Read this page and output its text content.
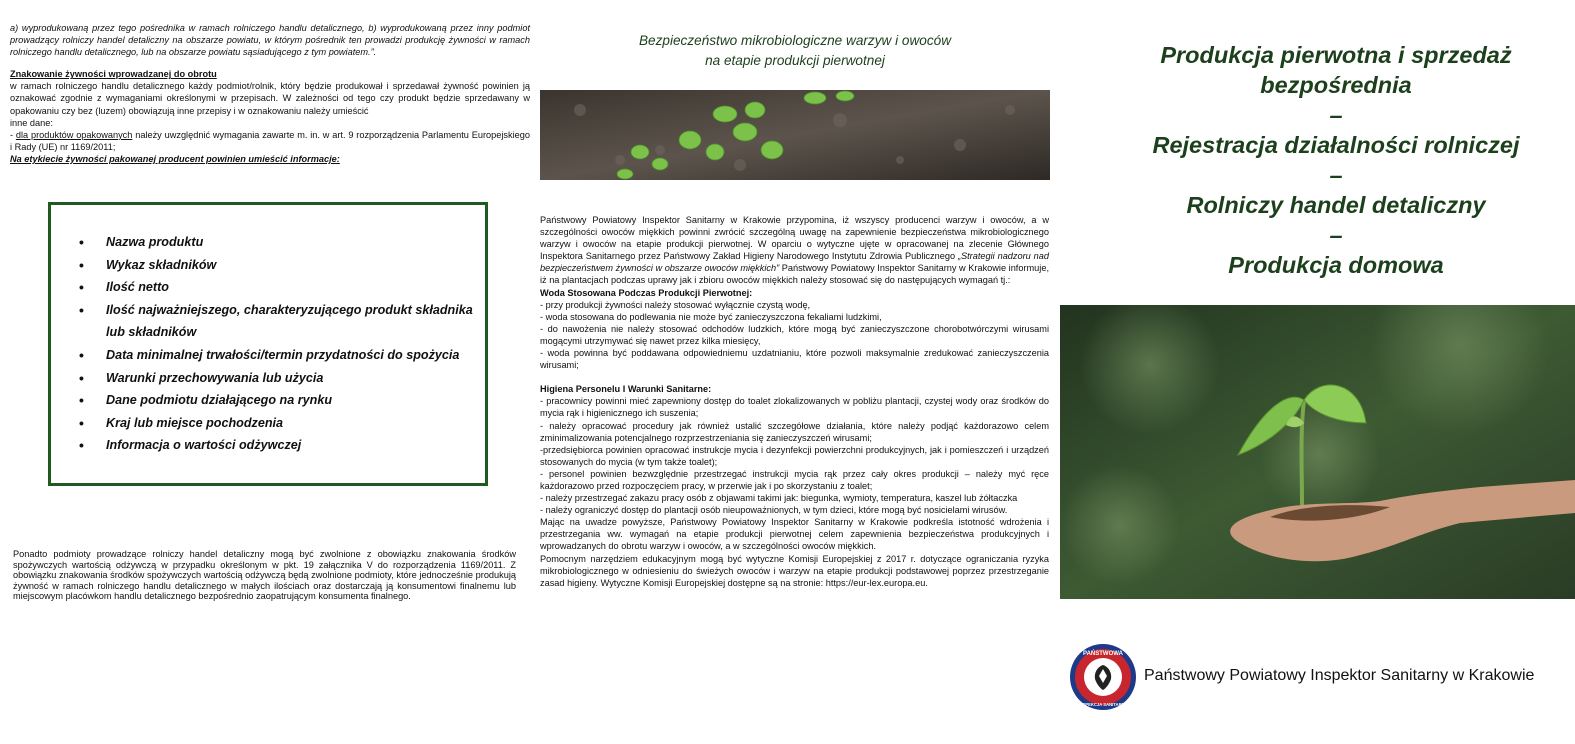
a) wyprodukowaną przez tego pośrednika w ramach rolniczego handlu detalicznego, b) wyprodukowaną przez inny podmiot prowadzący rolniczy handel detaliczny na obszarze powiatu, w którym pośrednik ten prowadzi produkcję żywności w ramach rolniczego handlu detalicznego, lub na obszarze powiatu sąsiadującego z tym powiatem.”.

Znakowanie żywności wprowadzanej do obrotu

w ramach rolniczego handlu detalicznego każdy podmiot/rolnik, który będzie produkował i sprzedawał żywność powinien ją oznakować zgodnie z wymaganiami określonymi w przepisach. W zależności od tego czy produkt będzie sprzedawany w opakowaniu czy bez (luzem) obowiązują inne przepisy i w oznakowaniu należy umieścić

inne dane:

- dla produktów opakowanych należy uwzględnić wymagania zawarte m. in. w art. 9 rozporządzenia Parlamentu Europejskiego i Rady (UE) nr 1169/2011;

Na etykiecie żywności pakowanej producent powinien umieścić informacje:

• Nazwa produktu
• Wykaz składników
• Ilość netto
• Ilość najważniejszego, charakteryzującego produkt składnika lub składników
• Data minimalnej trwałości/termin przydatności do spożycia
• Warunki przechowywania lub użycia
• Dane podmiotu działającego na rynku
• Kraj lub miejsce pochodzenia
• Informacja o wartości odżywczej
Ponadto podmioty prowadzące rolniczy handel detaliczny mogą być zwolnione z obowiązku znakowania środków spożywczych wartością odżywczą w przypadku określonym w pkt. 19 załącznika V do rozporządzenia 1169/2011. Z obowiązku znakowania środków spożywczych wartością odżywczą będą zwolnione podmioty, które jednocześnie produkują żywność w ramach rolniczego handlu detalicznego w małych ilościach oraz dostarczają ją konsumentowi finalnemu lub miejscowym placówkom handlu detalicznego bezpośrednio zaopatrującym konsumenta finalnego.
Bezpieczeństwo mikrobiologiczne warzyw i owoców
na etapie produkcji pierwotnej

Państwowy Powiatowy Inspektor Sanitarny w Krakowie przypomina, iż wszyscy producenci warzyw i owoców, a w szczególności owoców miękkich powinni zwrócić szczególną uwagę na zapewnienie bezpieczeństwa mikrobiologicznego warzyw i owoców na etapie produkcji pierwotnej. W oparciu o wytyczne ujęte w opracowanej na zlecenie Głównego Inspektora Sanitarnego przez Państwowy Zakład Higieny Narodowego Instytutu Zdrowia Publicznego „Strategii nadzoru nad bezpieczeństwem żywności w obszarze owoców miękkich” Państwowy Powiatowy Inspektor Sanitarny w Krakowie informuje, iż na plantacjach podczas uprawy jak i zbioru owoców miękkich należy stosować się do następujących wymagań tj.:

Woda Stosowana Podczas Produkcji Pierwotnej:

- przy produkcji żywności należy stosować wyłącznie czystą wodę,

- woda stosowana do podlewania nie może być zanieczyszczona fekaliami ludzkimi,

- do nawożenia nie należy stosować odchodów ludzkich, które mogą być zanieczyszczone chorobotwórczymi wirusami mogącymi utrzymywać się nawet przez kilka miesięcy,

- woda powinna być poddawana odpowiedniemu uzdatnianiu, które pozwoli maksymalnie zredukować zanieczyszczenia wirusami;

Higiena Personelu I Warunki Sanitarne:

- pracownicy powinni mieć zapewniony dostęp do toalet zlokalizowanych w pobliżu plantacji, czystej wody oraz środków do mycia rąk i higienicznego ich suszenia;

- należy opracować procedury jak również ustalić szczegółowe działania, które należy podjąć każdorazowo celem zminimalizowania potencjalnego rozprzestrzeniania się zanieczyszczeń wirusami;

-przedsiębiorca powinien opracować instrukcje mycia i dezynfekcji powierzchni produkcyjnych, jak i pomieszczeń i urządzeń stosowanych do mycia (w tym także toalet);

- personel powinien bezwzględnie przestrzegać instrukcji mycia rąk przez cały okres produkcji – należy myć ręce każdorazowo przed rozpoczęciem pracy, w przerwie jak i po skorzystaniu z toalet;

- należy przestrzegać zakazu pracy osób z objawami takimi jak: biegunka, wymioty, temperatura, kaszel lub żółtaczka

- należy ograniczyć dostęp do plantacji osób nieupoważnionych, w tym dzieci, które mogą być nosicielami wirusów.

Mając na uwadze powyższe, Państwowy Powiatowy Inspektor Sanitarny w Krakowie podkreśla istotność wdrożenia i przestrzegania ww. wymagań na etapie produkcji pierwotnej celem zapewnienia bezpieczeństwa produkcyjnych i wprowadzanych do obrotu warzyw i owoców, a w szczególności owoców miękkich.

Pomocnym narzędziem edukacyjnym mogą być wytyczne Komisji Europejskiej z 2017 r. dotyczące ograniczania ryzyka mikrobiologicznego w odniesieniu do świeżych owoców i warzyw na etapie produkcji podstawowej poprzez przestrzeganie zasad higieny. Wytyczne Komisji Europejskiej dostępne są na stronie: https://eur-lex.europa.eu.

Produkcja pierwotna i sprzedaż
bezpośrednia
–
Rejestracja działalności rolniczej
–
Rolniczy handel detaliczny
–
Produkcja domowa
PAŃSTWOWA
INSPEKCJA SANITARNA
Państwowy Powiatowy Inspektor Sanitarny w Krakowie
